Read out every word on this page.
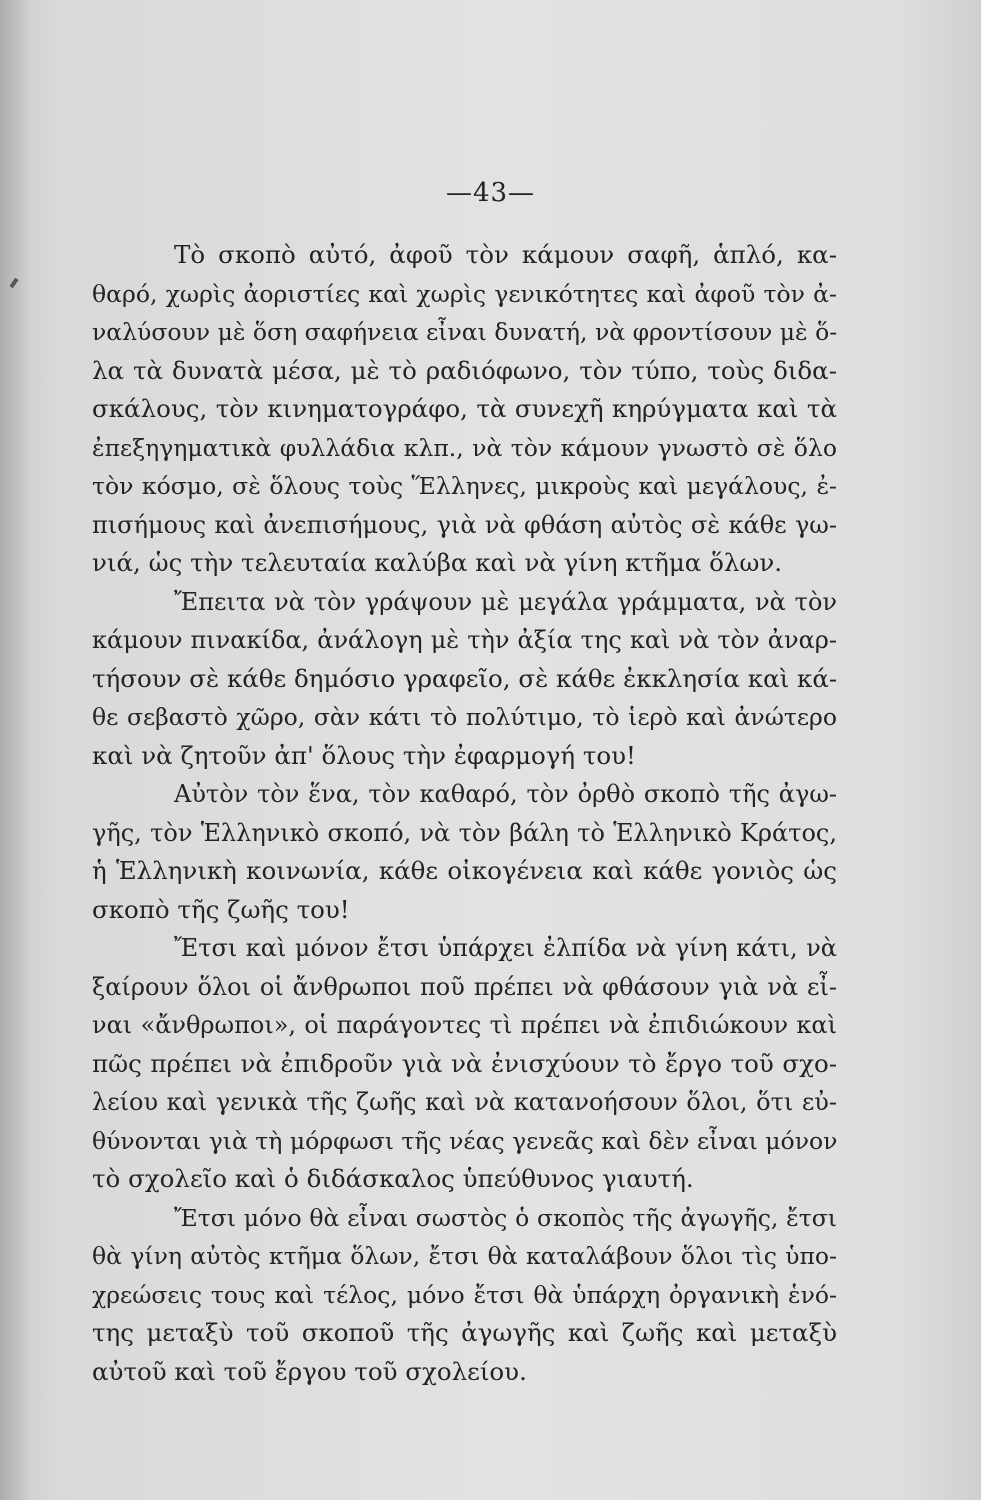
—43—
Τὸ σκοπὸ αὐτό, ἀφοῦ τὸν κάμουν σαφῆ, ἁπλό, κα-
θαρό, χωρὶς ἀοριστίες καὶ χωρὶς γενικότητες καὶ ἀφοῦ τὸν ἀ-
ναλύσουν μὲ ὅση σαφήνεια εἶναι δυνατή, νὰ φροντίσουν μὲ ὅ-
λα τὰ δυνατὰ μέσα, μὲ τὸ ραδιόφωνο, τὸν τύπο, τοὺς διδα-
σκάλους, τὸν κινηματογράφο, τὰ συνεχῆ κηρύγματα καὶ τὰ
ἐπεξηγηματικὰ φυλλάδια κλπ., νὰ τὸν κάμουν γνωστὸ σὲ ὅλο
τὸν κόσμο, σὲ ὅλους τοὺς Ἕλληνες, μικροὺς καὶ μεγάλους, ἐ-
πισήμους καὶ ἀνεπισήμους, γιὰ νὰ φθάση αὐτὸς σὲ κάθε γω-
νιά, ὡς τὴν τελευταία καλύβα καὶ νὰ γίνη κτῆμα ὅλων.
Ἔπειτα νὰ τὸν γράψουν μὲ μεγάλα γράμματα, νὰ τὸν
κάμουν πινακίδα, ἀνάλογη μὲ τὴν ἀξία της καὶ νὰ τὸν ἀναρ-
τήσουν σὲ κάθε δημόσιο γραφεῖο, σὲ κάθε ἐκκλησία καὶ κά-
θε σεβαστὸ χῶρο, σὰν κάτι τὸ πολύτιμο, τὸ ἱερὸ καὶ ἀνώτερο
καὶ νὰ ζητοῦν ἀπ' ὅλους τὴν ἐφαρμογή του!
Αὐτὸν τὸν ἕνα, τὸν καθαρό, τὸν ὀρθὸ σκοπὸ τῆς ἀγω-
γῆς, τὸν Ἑλληνικὸ σκοπό, νὰ τὸν βάλη τὸ Ἑλληνικὸ Κράτος,
ἡ Ἑλληνικὴ κοινωνία, κάθε οἰκογένεια καὶ κάθε γονιὸς ὡς
σκοπὸ τῆς ζωῆς του!
Ἔτσι καὶ μόνον ἔτσι ὑπάρχει ἐλπίδα νὰ γίνη κάτι, νὰ
ξαίρουν ὅλοι οἱ ἄνθρωποι ποῦ πρέπει νὰ φθάσουν γιὰ νὰ εἶ-
ναι «ἄνθρωποι», οἱ παράγοντες τὶ πρέπει νὰ ἐπιδιώκουν καὶ
πῶς πρέπει νὰ ἐπιδροῦν γιὰ νὰ ἐνισχύουν τὸ ἔργο τοῦ σχο-
λείου καὶ γενικὰ τῆς ζωῆς καὶ νὰ κατανοήσουν ὅλοι, ὅτι εὐ-
θύνονται γιὰ τὴ μόρφωσι τῆς νέας γενεᾶς καὶ δὲν εἶναι μόνον
τὸ σχολεῖο καὶ ὁ διδάσκαλος ὑπεύθυνος γιαυτή.
Ἔτσι μόνο θὰ εἶναι σωστὸς ὁ σκοπὸς τῆς ἀγωγῆς, ἔτσι
θὰ γίνη αὐτὸς κτῆμα ὅλων, ἔτσι θὰ καταλάβουν ὅλοι τὶς ὑπο-
χρεώσεις τους καὶ τέλος, μόνο ἔτσι θὰ ὑπάρχη ὀργανικὴ ἑνό-
της μεταξὺ τοῦ σκοποῦ τῆς ἀγωγῆς καὶ ζωῆς καὶ μεταξὺ
αὐτοῦ καὶ τοῦ ἔργου τοῦ σχολείου.
